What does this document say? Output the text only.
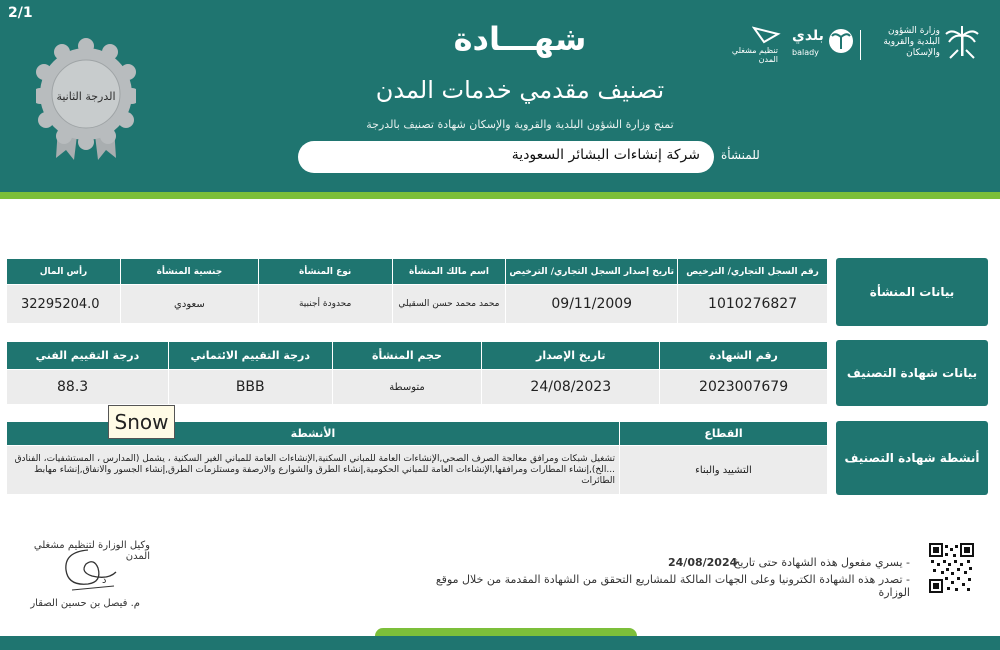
2/1
الدرجة الثانية
شهـــادة
تصنيف مقدمي خدمات المدن
تمنح وزارة الشؤون البلدية والقروية والإسكان شهادة تصنيف بالدرجة
شركة إنشاءات البشائر السعودية للمنشأة
وزارة الشؤون البلدية والقروية والإسكان
بلدي
balady
تنظيم مشغلي المدن
بيانات المنشأة
رقم السجل التجاري/ الترخيص	تاريخ إصدار السجل التجاري/ الترخيص	اسم مالك المنشأة	نوع المنشأة	جنسية المنشأة	رأس المال
1010276827	09/11/2009	محمد محمد حسن السقيلي	محدودة أجنبية	سعودي	32295204.0
بيانات شهادة التصنيف
رقم الشهادة	تاريخ الإصدار	حجم المنشأة	درجة التقييم الائتماني	درجة التقييم الفني
2023007679	24/08/2023	متوسطة	BBB	88.3
أنشطة شهادة التصنيف
القطاع	الأنشطة
التشييد والبناء	تشغيل شبكات ومرافق معالجة الصرف الصحي,الإنشاءات العامة للمباني السكنية,الإنشاءات العامة للمباني الغير السكنية ، يشمل (المدارس ، المستشفيات، الفنادق ...الخ),إنشاء المطارات ومرافقها,الإنشاءات العامة للمباني الحكومية,إنشاء الطرق والشوارع والارصفة ومستلزمات الطرق,إنشاء الجسور والانفاق,إنشاء مهابط الطائرات
Snow
وكيل الوزارة لتنظيم مشغلي المدن
د
م. فيصل بن حسين الصقار
- يسري مفعول هذه الشهادة حتى تاريخ
24/08/2024
- تصدر هذه الشهادة الكترونيا وعلى الجهات المالكة للمشاريع التحقق من الشهادة المقدمة من خلال موقع الوزارة
